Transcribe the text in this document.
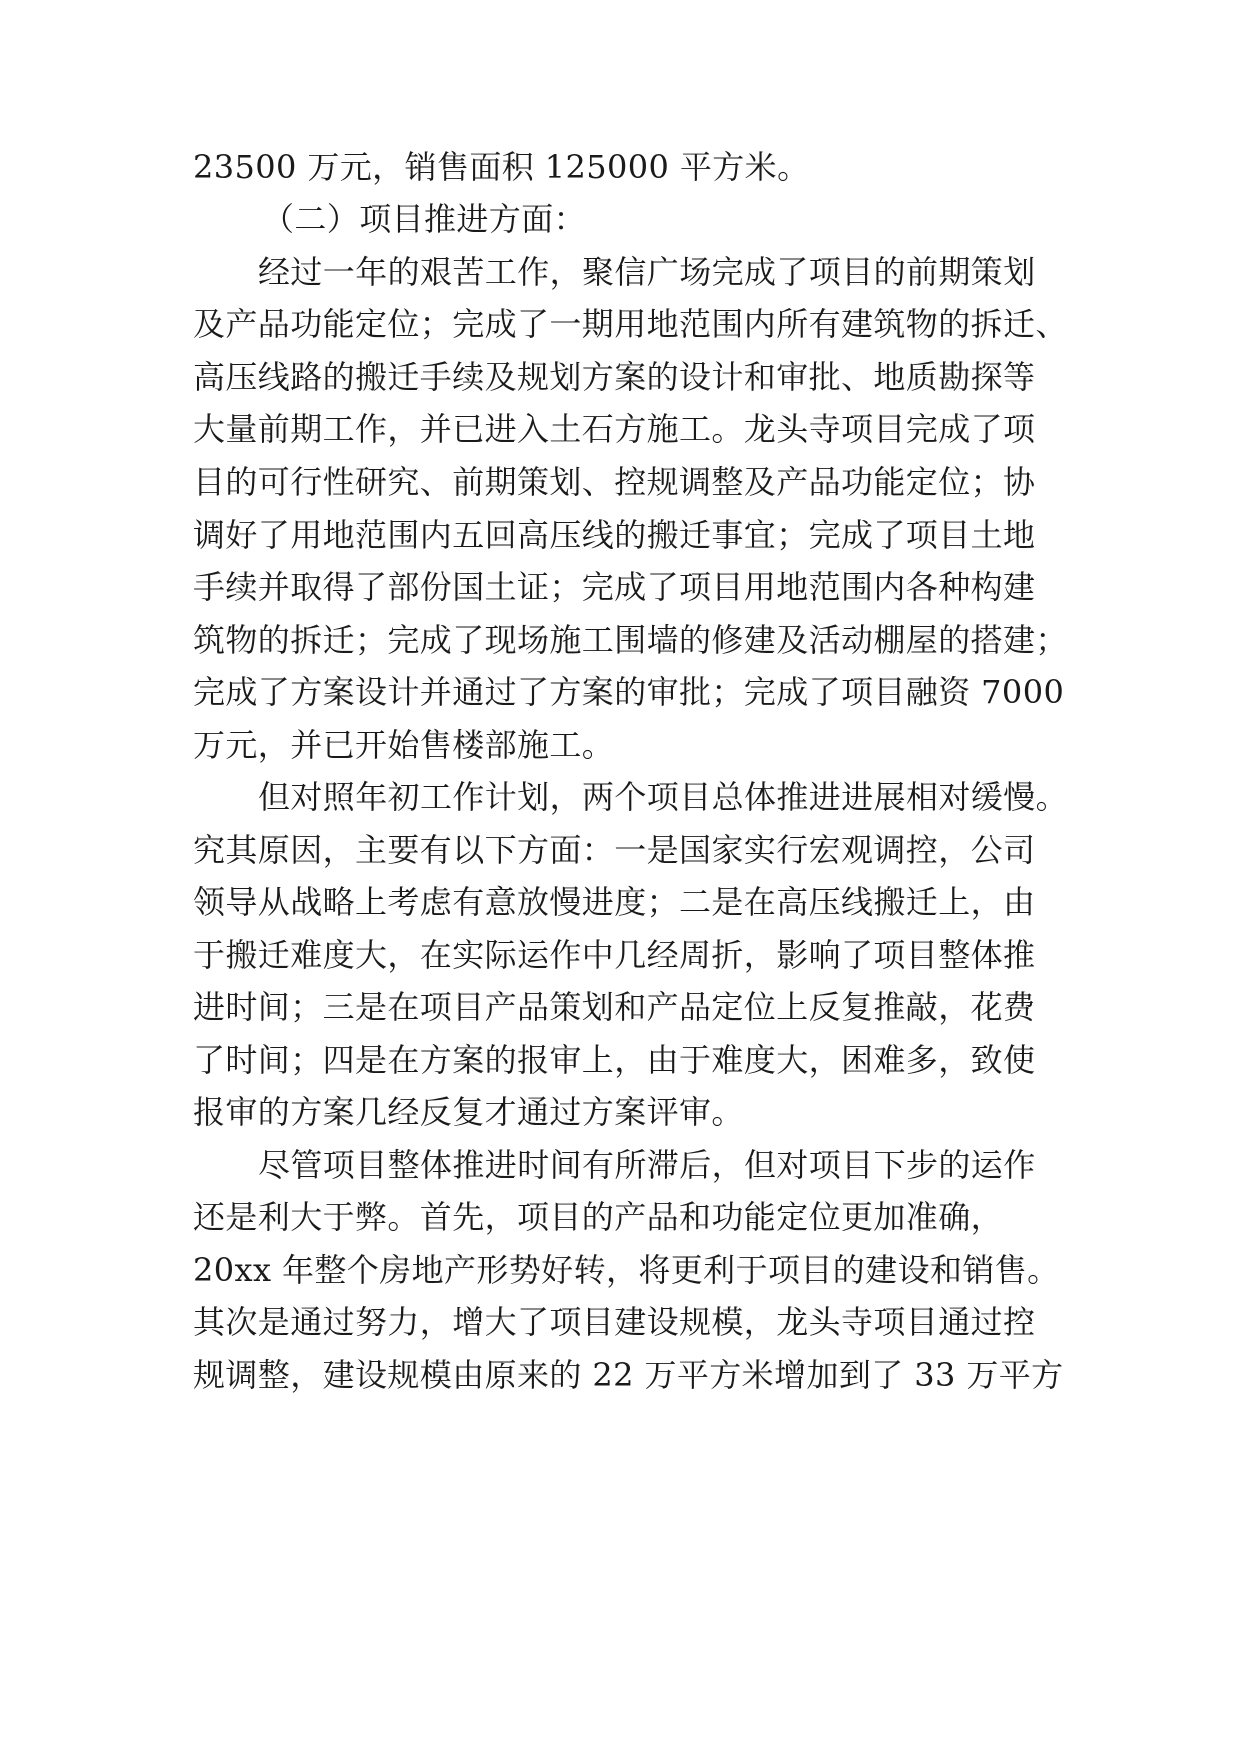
23500 万元，销售面积 125000 平方米。
（二）项目推进方面：
经过一年的艰苦工作，聚信广场完成了项目的前期策划
及产品功能定位；完成了一期用地范围内所有建筑物的拆迁、
高压线路的搬迁手续及规划方案的设计和审批、地质勘探等
大量前期工作，并已进入土石方施工。龙头寺项目完成了项
目的可行性研究、前期策划、控规调整及产品功能定位；协
调好了用地范围内五回高压线的搬迁事宜；完成了项目土地
手续并取得了部份国土证；完成了项目用地范围内各种构建
筑物的拆迁；完成了现场施工围墙的修建及活动棚屋的搭建；
完成了方案设计并通过了方案的审批；完成了项目融资 7000
万元，并已开始售楼部施工。
但对照年初工作计划，两个项目总体推进进展相对缓慢。
究其原因，主要有以下方面：一是国家实行宏观调控，公司
领导从战略上考虑有意放慢进度；二是在高压线搬迁上，由
于搬迁难度大，在实际运作中几经周折，影响了项目整体推
进时间；三是在项目产品策划和产品定位上反复推敲，花费
了时间；四是在方案的报审上，由于难度大，困难多，致使
报审的方案几经反复才通过方案评审。
尽管项目整体推进时间有所滞后，但对项目下步的运作
还是利大于弊。首先，项目的产品和功能定位更加准确，
20xx 年整个房地产形势好转，将更利于项目的建设和销售。
其次是通过努力，增大了项目建设规模，龙头寺项目通过控
规调整，建设规模由原来的 22 万平方米增加到了 33 万平方
